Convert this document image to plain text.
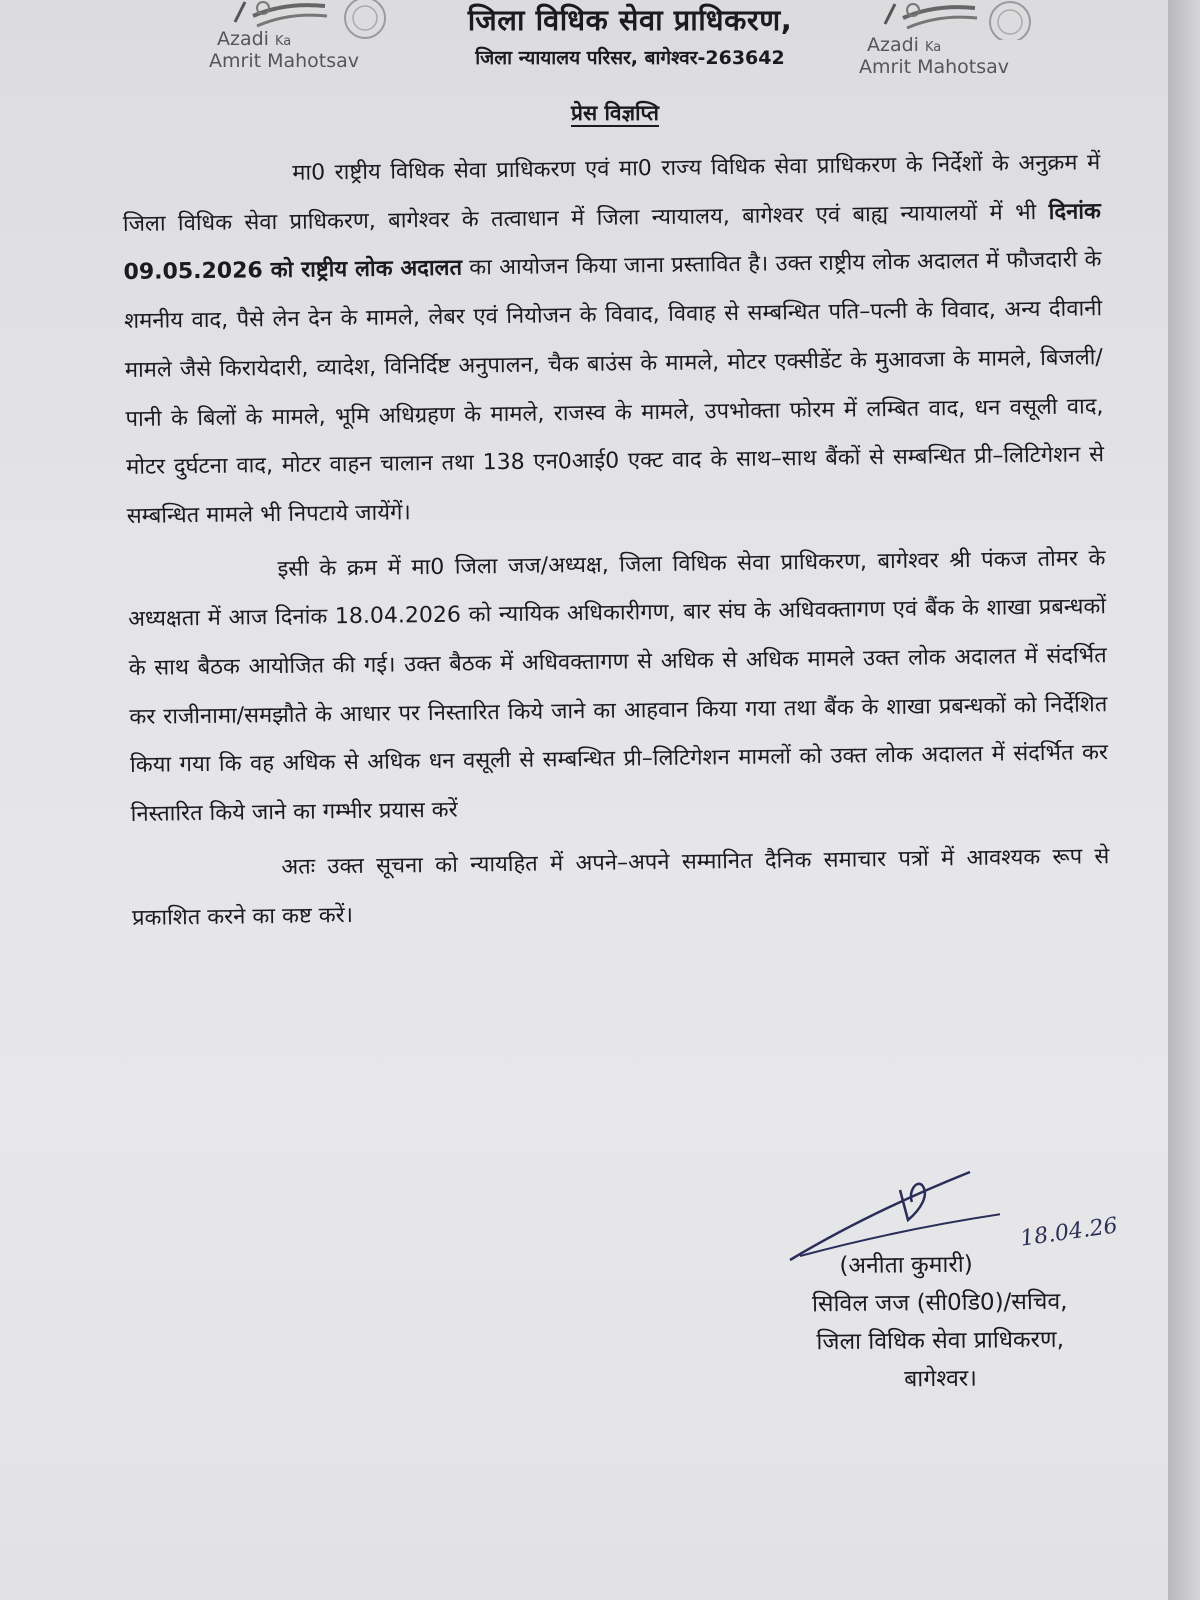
Azadi Ka
Amrit Mahotsav
Azadi Ka
Amrit Mahotsav
जिला विधिक सेवा प्राधिकरण,
जिला न्यायालय परिसर, बागेश्वर-263642
प्रेस विज्ञप्ति

मा0 राष्ट्रीय विधिक सेवा प्राधिकरण एवं मा0 राज्य विधिक सेवा प्राधिकरण के निर्देशों के अनुक्रम में जिला विधिक सेवा प्राधिकरण, बागेश्वर के तत्वाधान में जिला न्यायालय, बागेश्वर एवं बाह्य न्यायालयों में भी दिनांक 09.05.2026 को राष्ट्रीय लोक अदालत का आयोजन किया जाना प्रस्तावित है। उक्त राष्ट्रीय लोक अदालत में फौजदारी के शमनीय वाद, पैसे लेन देन के मामले, लेबर एवं नियोजन के विवाद, विवाह से सम्बन्धित पति–पत्नी के विवाद, अन्य दीवानी मामले जैसे किरायेदारी, व्यादेश, विनिर्दिष्ट अनुपालन, चैक बाउंस के मामले, मोटर एक्सीडेंट के मुआवजा के मामले, बिजली/पानी के बिलों के मामले, भूमि अधिग्रहण के मामले, राजस्व के मामले, उपभोक्ता फोरम में लम्बित वाद, धन वसूली वाद, मोटर दुर्घटना वाद, मोटर वाहन चालान तथा 138 एन0आई0 एक्ट वाद के साथ–साथ बैंकों से सम्बन्धित प्री–लिटिगेशन से सम्बन्धित मामले भी निपटाये जायेंगें।

इसी के क्रम में मा0 जिला जज/अध्यक्ष, जिला विधिक सेवा प्राधिकरण, बागेश्वर श्री पंकज तोमर के अध्यक्षता में आज दिनांक 18.04.2026 को न्यायिक अधिकारीगण, बार संघ के अधिवक्तागण एवं बैंक के शाखा प्रबन्धकों के साथ बैठक आयोजित की गई। उक्त बैठक में अधिवक्तागण से अधिक से अधिक मामले उक्त लोक अदालत में संदर्भित कर राजीनामा/समझौते के आधार पर निस्तारित किये जाने का आहवान किया गया तथा बैंक के शाखा प्रबन्धकों को निर्देशित किया गया कि वह अधिक से अधिक धन वसूली से सम्बन्धित प्री–लिटिगेशन मामलों को उक्त लोक अदालत में संदर्भित कर निस्तारित किये जाने का गम्भीर प्रयास करें

अतः उक्त सूचना को न्यायहित में अपने–अपने सम्मानित दैनिक समाचार पत्रों में आवश्यक रूप से प्रकाशित करने का कष्ट करें।

18.04.26
(अनीता कुमारी)
सिविल जज (सी0डि0)/सचिव,
जिला विधिक सेवा प्राधिकरण,
बागेश्वर।
